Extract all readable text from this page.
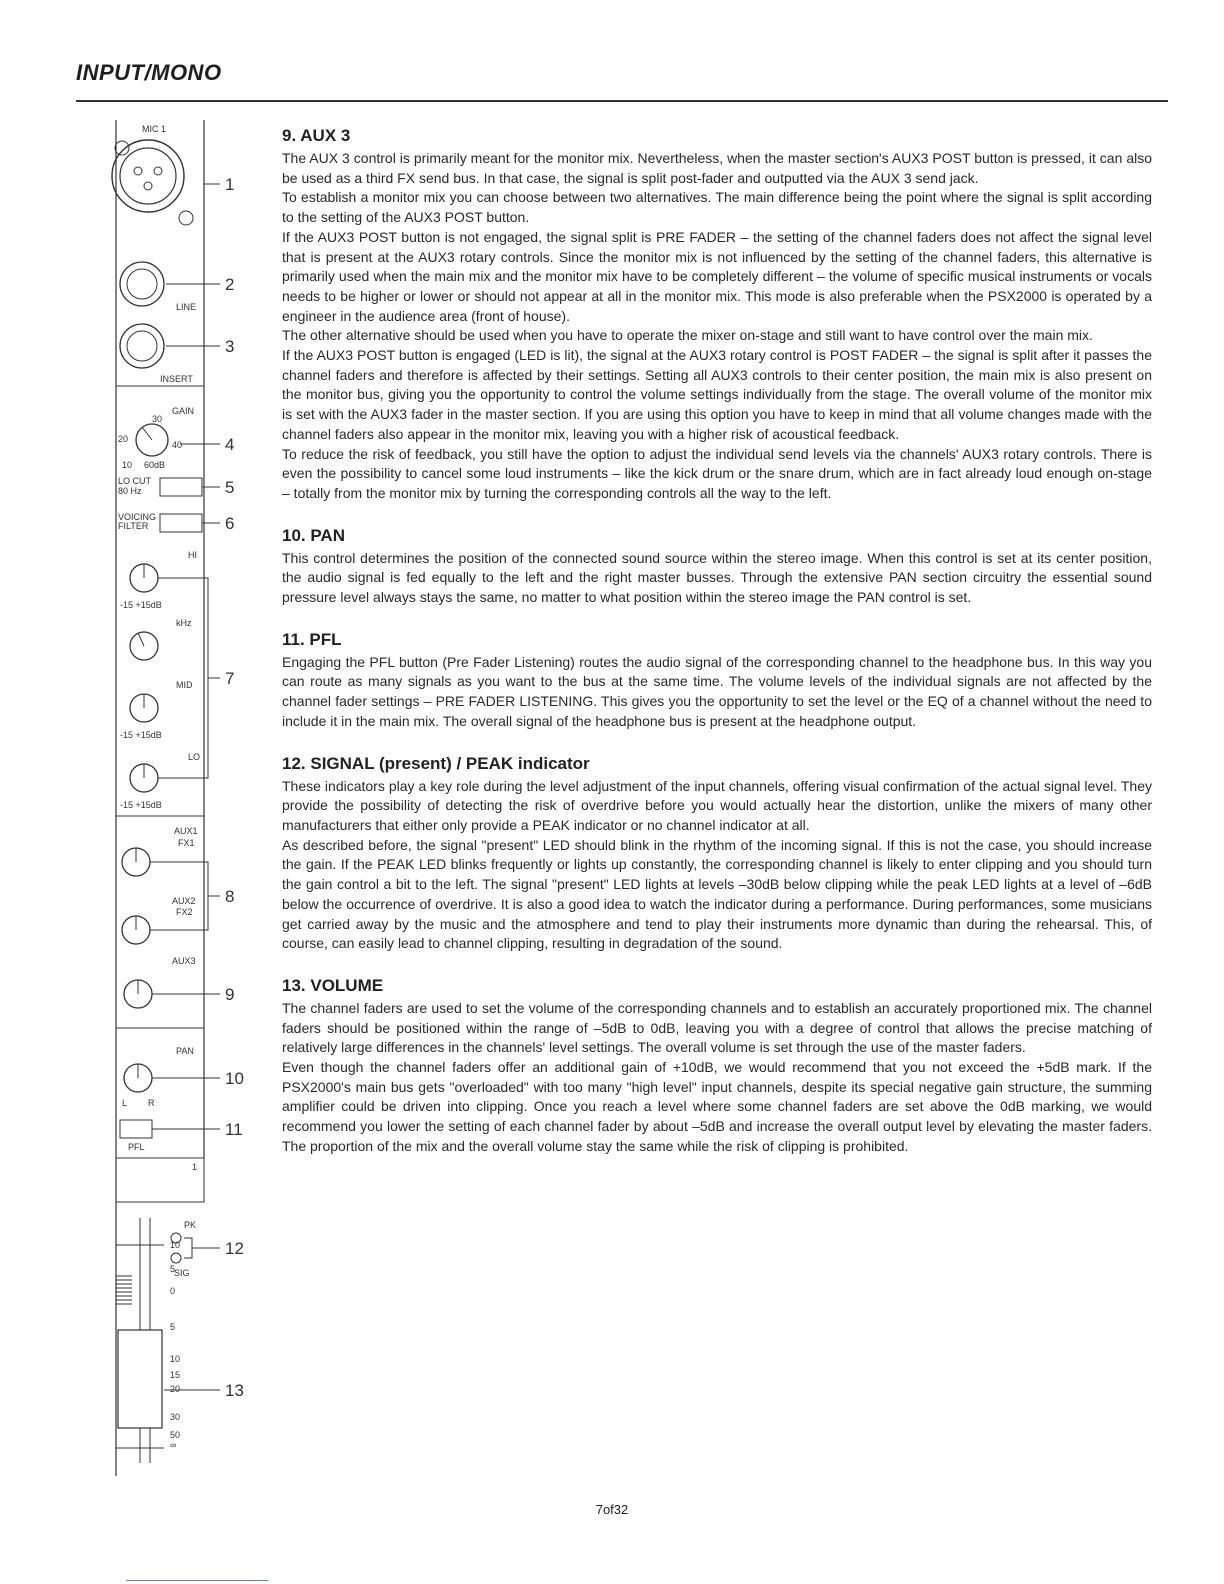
INPUT/MONO
MIC 1
1
LINE
2
INSERT
3
GAIN
30
20
40
10 60dB
4
LO CUT
80 Hz	5
VOICING
FILTER	6
HI
-15 +15dB
kHz
MID
-15 +15dB
LO
-15 +15dB
7
AUX1
FX1
AUX2
FX2
8
AUX3
9
PAN
L R
10
PFL
11
1
PK
SIG
12
10
5
0
5
10
15
20
30
50
∞
13
9. AUX 3

The AUX 3 control is primarily meant for the monitor mix. Nevertheless, when the master section's AUX3 POST button is pressed, it can also be used as a third FX send bus. In that case, the signal is split post-fader and outputted via the AUX 3 send jack.

To establish a monitor mix you can choose between two alternatives. The main difference being the point where the signal is split according to the setting of the AUX3 POST button.

If the AUX3 POST button is not engaged, the signal split is PRE FADER – the setting of the channel faders does not affect the signal level that is present at the AUX3 rotary controls. Since the monitor mix is not influenced by the setting of the channel faders, this alternative is primarily used when the main mix and the monitor mix have to be completely different – the volume of specific musical instruments or vocals needs to be higher or lower or should not appear at all in the monitor mix. This mode is also preferable when the PSX2000 is operated by a engineer in the audience area (front of house).

The other alternative should be used when you have to operate the mixer on-stage and still want to have control over the main mix.

If the AUX3 POST button is engaged (LED is lit), the signal at the AUX3 rotary control is POST FADER – the signal is split after it passes the channel faders and therefore is affected by their settings. Setting all AUX3 controls to their center position, the main mix is also present on the monitor bus, giving you the opportunity to control the volume settings individually from the stage. The overall volume of the monitor mix is set with the AUX3 fader in the master section. If you are using this option you have to keep in mind that all volume changes made with the channel faders also appear in the monitor mix, leaving you with a higher risk of acoustical feedback.

To reduce the risk of feedback, you still have the option to adjust the individual send levels via the channels' AUX3 rotary controls. There is even the possibility to cancel some loud instruments – like the kick drum or the snare drum, which are in fact already loud enough on-stage – totally from the monitor mix by turning the corresponding controls all the way to the left.

10. PAN

This control determines the position of the connected sound source within the stereo image. When this control is set at its center position, the audio signal is fed equally to the left and the right master busses. Through the extensive PAN section circuitry the essential sound pressure level always stays the same, no matter to what position within the stereo image the PAN control is set.

11. PFL

Engaging the PFL button (Pre Fader Listening) routes the audio signal of the corresponding channel to the headphone bus. In this way you can route as many signals as you want to the bus at the same time. The volume levels of the individual signals are not affected by the channel fader settings – PRE FADER LISTENING. This gives you the opportunity to set the level or the EQ of a channel without the need to include it in the main mix. The overall signal of the headphone bus is present at the headphone output.

12. SIGNAL (present) / PEAK indicator

These indicators play a key role during the level adjustment of the input channels, offering visual confirmation of the actual signal level. They provide the possibility of detecting the risk of overdrive before you would actually hear the distortion, unlike the mixers of many other manufacturers that either only provide a PEAK indicator or no channel indicator at all.

As described before, the signal "present" LED should blink in the rhythm of the incoming signal. If this is not the case, you should increase the gain. If the PEAK LED blinks frequently or lights up constantly, the corresponding channel is likely to enter clipping and you should turn the gain control a bit to the left. The signal "present" LED lights at levels –30dB below clipping while the peak LED lights at a level of –6dB below the occurrence of overdrive. It is also a good idea to watch the indicator during a performance. During performances, some musicians get carried away by the music and the atmosphere and tend to play their instruments more dynamic than during the rehearsal. This, of course, can easily lead to channel clipping, resulting in degradation of the sound.

13. VOLUME

The channel faders are used to set the volume of the corresponding channels and to establish an accurately proportioned mix. The channel faders should be positioned within the range of –5dB to 0dB, leaving you with a degree of control that allows the precise matching of relatively large differences in the channels' level settings. The overall volume is set through the use of the master faders.

Even though the channel faders offer an additional gain of +10dB, we would recommend that you not exceed the +5dB mark. If the PSX2000's main bus gets "overloaded" with too many "high level" input channels, despite its special negative gain structure, the summing amplifier could be driven into clipping. Once you reach a level where some channel faders are set above the 0dB marking, we would recommend you lower the setting of each channel fader by about –5dB and increase the overall output level by elevating the master faders. The proportion of the mix and the overall volume stay the same while the risk of clipping is prohibited.

7of32
